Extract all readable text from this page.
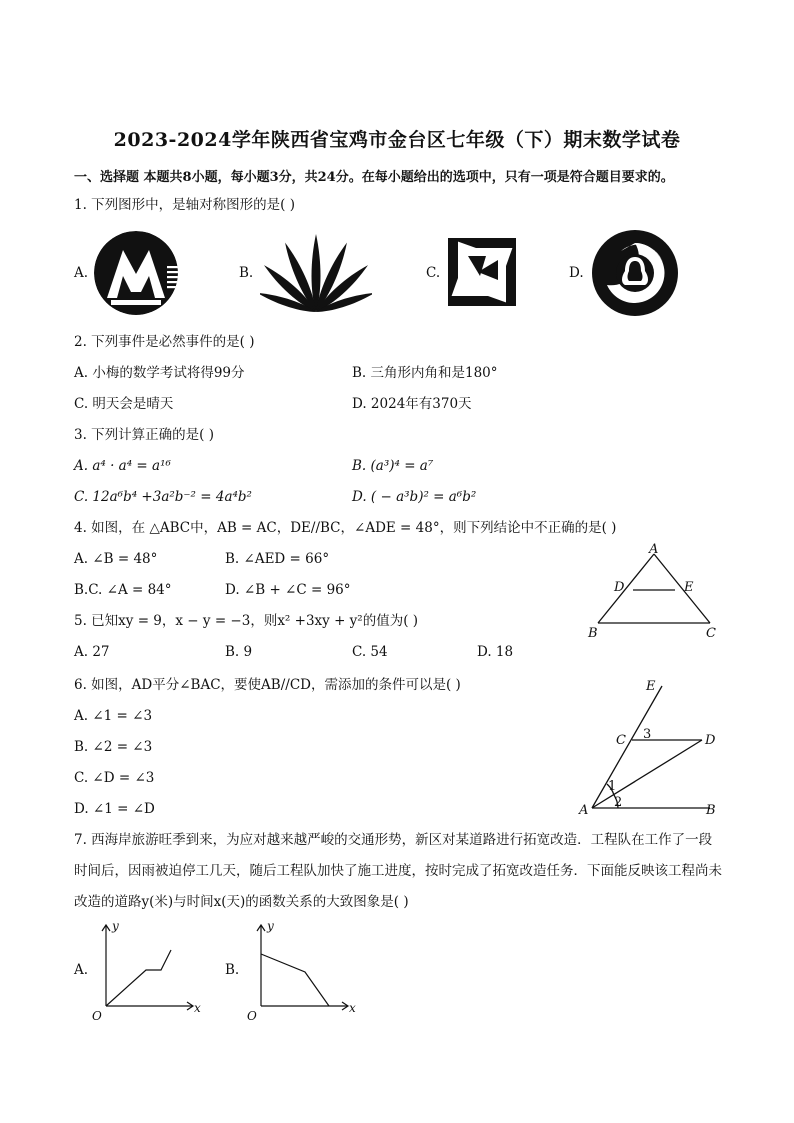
2023-2024学年陕西省宝鸡市金台区七年级（下）期末数学试卷
一、选择题 本题共8小题，每小题3分，共24分。在每小题给出的选项中，只有一项是符合题目要求的。
1. 下列图形中，是轴对称图形的是( )
A.	B.	C.	D.
2. 下列事件是必然事件的是( )
A. 小梅的数学考试将得99分	B. 三角形内角和是180°
C. 明天会是晴天	D. 2024年有370天
3. 下列计算正确的是( )
A. a⁴ · a⁴ = a¹⁶	B. (a³)⁴ = a⁷
C. 12a⁶b⁴ +3a²b⁻² = 4a⁴b²	D. ( − a³b)² = a⁶b²
4. 如图，在 △ABC中，AB = AC，DE//BC，∠ADE = 48°，则下列结论中不正确的是( )
A. ∠B = 48°	B. ∠AED = 66°
B.C. ∠A = 84°	D. ∠B + ∠C = 96°
A
D	E
B	C
5. 已知xy = 9，x − y = −3，则x² +3xy + y²的值为( )
A. 27	B. 9	C. 54	D. 18
6. 如图，AD平分∠BAC，要使AB//CD，需添加的条件可以是( )
A. ∠1 = ∠3
B. ∠2 = ∠3
C. ∠D = ∠3
D. ∠1 = ∠D
E
C 3	D
1
2
A	B
7. 西海岸旅游旺季到来，为应对越来越严峻的交通形势，新区对某道路进行拓宽改造．工程队在工作了一段时间后，因雨被迫停工几天，随后工程队加快了施工进度，按时完成了拓宽改造任务．下面能反映该工程尚未改造的道路y(米)与时间x(天)的函数关系的大致图象是( )
A.	B.
y
x
O
y
x
O
